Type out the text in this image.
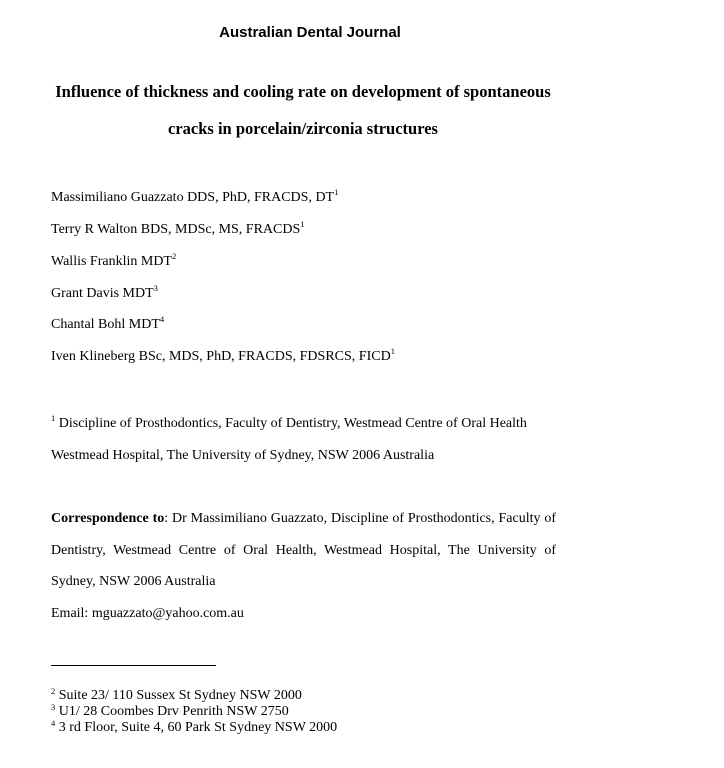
Australian Dental Journal
Influence of thickness and cooling rate on development of spontaneous
cracks in porcelain/zirconia structures
Massimiliano Guazzato DDS, PhD, FRACDS, $DT^1$
Terry R Walton BDS, MDSc, MS, FRACDS$^1$
Wallis Franklin MDT$^2$
Grant Davis MDT$^3$
Chantal Bohl MDT$^4$
Iven Klineberg BSc, MDS, PhD, FRACDS, FDSRCS, FICD$^1$
$^1$ Discipline of Prosthodontics, Faculty of Dentistry, Westmead Centre of Oral Health
Westmead Hospital, The University of Sydney, NSW 2006 Australia
Correspondence to: Dr Massimiliano Guazzato, Discipline of Prosthodontics, Faculty of
Dentistry, Westmead Centre of Oral Health, Westmead Hospital, The University of
Sydney, NSW 2006 Australia
Email: mguazzato@yahoo.com.au
$^2$ Suite 23/ 110 Sussex St Sydney NSW 2000
$^3$ U1/ 28 Coombes Drv Penrith NSW 2750
$^4$ 3 rd Floor, Suite 4, 60 Park St Sydney NSW 2000
